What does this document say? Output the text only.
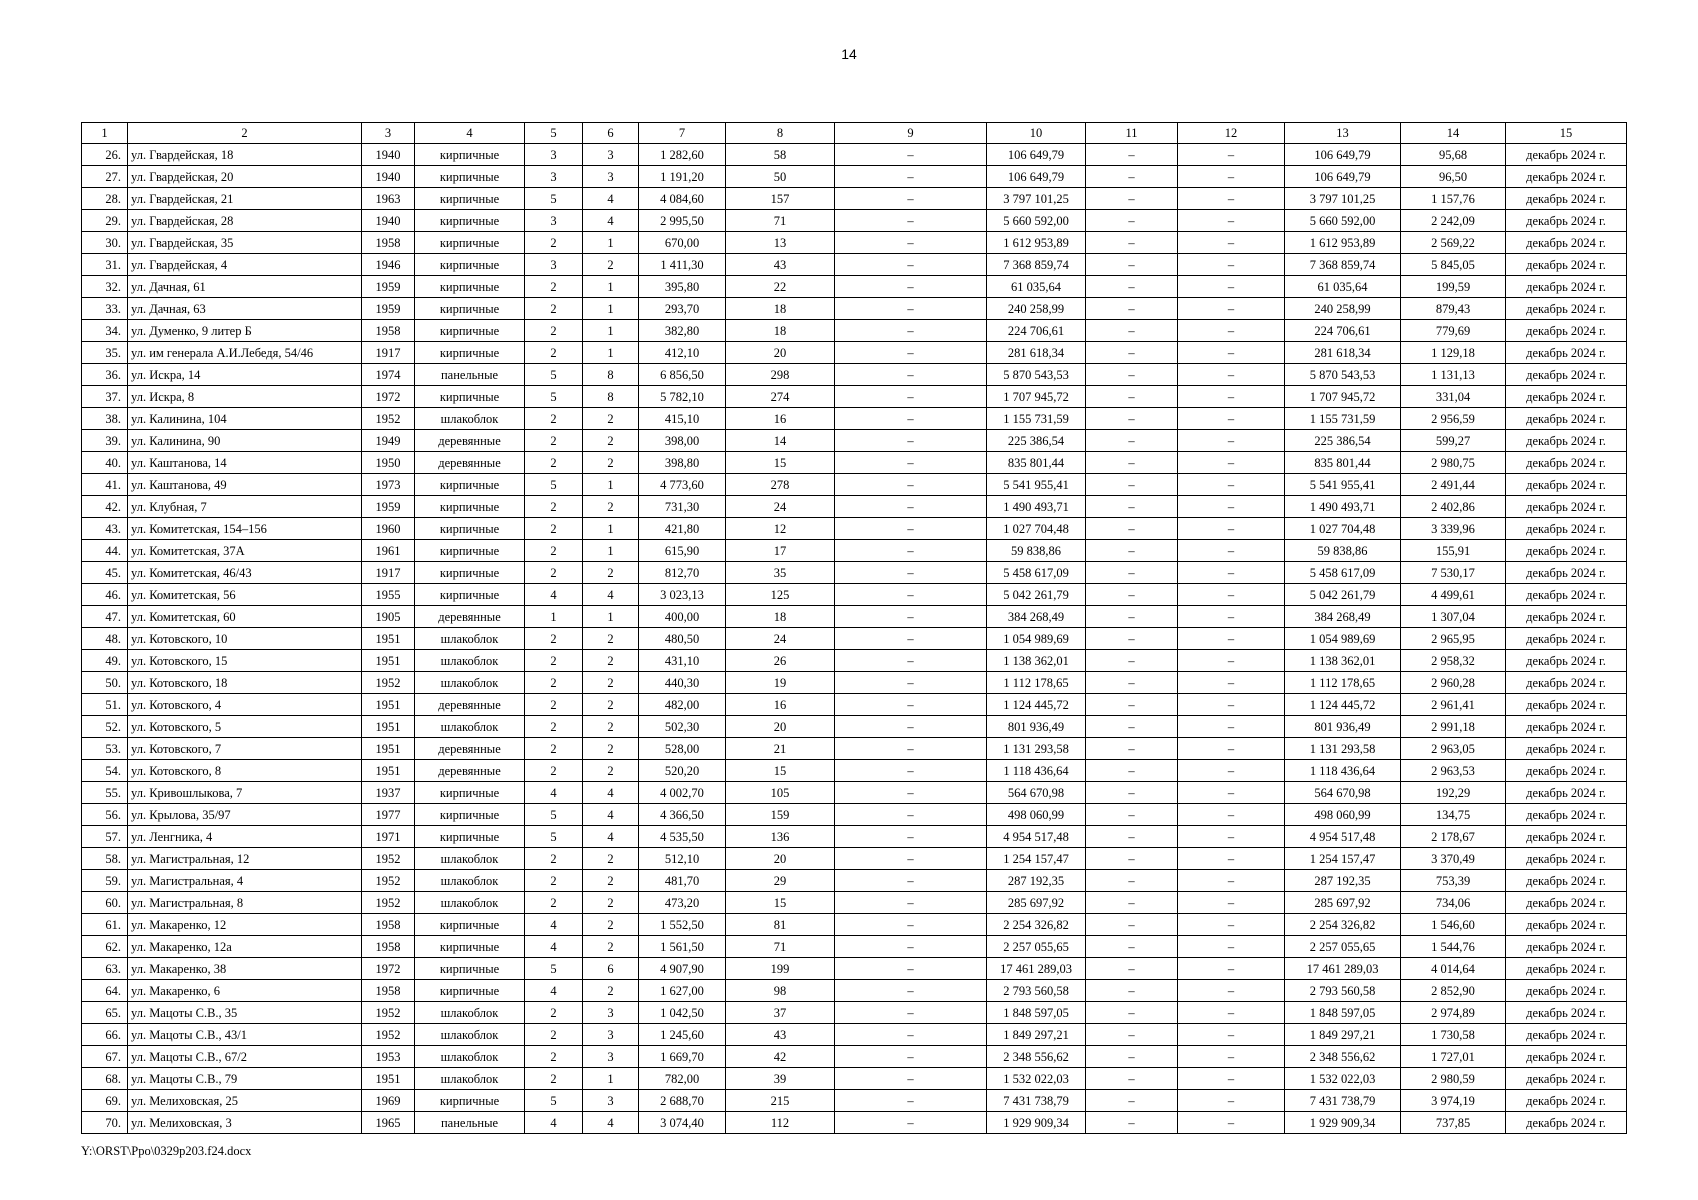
14
1	2	3	4	5	6	7	8	9	10	11	12	13	14	15
26.	ул. Гвардейская, 18	1940	кирпичные	3	3	1 282,60	58	–	106 649,79	–	–	106 649,79	95,68	декабрь 2024 г.
27.	ул. Гвардейская, 20	1940	кирпичные	3	3	1 191,20	50	–	106 649,79	–	–	106 649,79	96,50	декабрь 2024 г.
28.	ул. Гвардейская, 21	1963	кирпичные	5	4	4 084,60	157	–	3 797 101,25	–	–	3 797 101,25	1 157,76	декабрь 2024 г.
29.	ул. Гвардейская, 28	1940	кирпичные	3	4	2 995,50	71	–	5 660 592,00	–	–	5 660 592,00	2 242,09	декабрь 2024 г.
30.	ул. Гвардейская, 35	1958	кирпичные	2	1	670,00	13	–	1 612 953,89	–	–	1 612 953,89	2 569,22	декабрь 2024 г.
31.	ул. Гвардейская, 4	1946	кирпичные	3	2	1 411,30	43	–	7 368 859,74	–	–	7 368 859,74	5 845,05	декабрь 2024 г.
32.	ул. Дачная, 61	1959	кирпичные	2	1	395,80	22	–	61 035,64	–	–	61 035,64	199,59	декабрь 2024 г.
33.	ул. Дачная, 63	1959	кирпичные	2	1	293,70	18	–	240 258,99	–	–	240 258,99	879,43	декабрь 2024 г.
34.	ул. Думенко, 9 литер Б	1958	кирпичные	2	1	382,80	18	–	224 706,61	–	–	224 706,61	779,69	декабрь 2024 г.
35.	ул. им генерала А.И.Лебедя, 54/46	1917	кирпичные	2	1	412,10	20	–	281 618,34	–	–	281 618,34	1 129,18	декабрь 2024 г.
36.	ул. Искра, 14	1974	панельные	5	8	6 856,50	298	–	5 870 543,53	–	–	5 870 543,53	1 131,13	декабрь 2024 г.
37.	ул. Искра, 8	1972	кирпичные	5	8	5 782,10	274	–	1 707 945,72	–	–	1 707 945,72	331,04	декабрь 2024 г.
38.	ул. Калинина, 104	1952	шлакоблок	2	2	415,10	16	–	1 155 731,59	–	–	1 155 731,59	2 956,59	декабрь 2024 г.
39.	ул. Калинина, 90	1949	деревянные	2	2	398,00	14	–	225 386,54	–	–	225 386,54	599,27	декабрь 2024 г.
40.	ул. Каштанова, 14	1950	деревянные	2	2	398,80	15	–	835 801,44	–	–	835 801,44	2 980,75	декабрь 2024 г.
41.	ул. Каштанова, 49	1973	кирпичные	5	1	4 773,60	278	–	5 541 955,41	–	–	5 541 955,41	2 491,44	декабрь 2024 г.
42.	ул. Клубная, 7	1959	кирпичные	2	2	731,30	24	–	1 490 493,71	–	–	1 490 493,71	2 402,86	декабрь 2024 г.
43.	ул. Комитетская, 154–156	1960	кирпичные	2	1	421,80	12	–	1 027 704,48	–	–	1 027 704,48	3 339,96	декабрь 2024 г.
44.	ул. Комитетская, 37А	1961	кирпичные	2	1	615,90	17	–	59 838,86	–	–	59 838,86	155,91	декабрь 2024 г.
45.	ул. Комитетская, 46/43	1917	кирпичные	2	2	812,70	35	–	5 458 617,09	–	–	5 458 617,09	7 530,17	декабрь 2024 г.
46.	ул. Комитетская, 56	1955	кирпичные	4	4	3 023,13	125	–	5 042 261,79	–	–	5 042 261,79	4 499,61	декабрь 2024 г.
47.	ул. Комитетская, 60	1905	деревянные	1	1	400,00	18	–	384 268,49	–	–	384 268,49	1 307,04	декабрь 2024 г.
48.	ул. Котовского, 10	1951	шлакоблок	2	2	480,50	24	–	1 054 989,69	–	–	1 054 989,69	2 965,95	декабрь 2024 г.
49.	ул. Котовского, 15	1951	шлакоблок	2	2	431,10	26	–	1 138 362,01	–	–	1 138 362,01	2 958,32	декабрь 2024 г.
50.	ул. Котовского, 18	1952	шлакоблок	2	2	440,30	19	–	1 112 178,65	–	–	1 112 178,65	2 960,28	декабрь 2024 г.
51.	ул. Котовского, 4	1951	деревянные	2	2	482,00	16	–	1 124 445,72	–	–	1 124 445,72	2 961,41	декабрь 2024 г.
52.	ул. Котовского, 5	1951	шлакоблок	2	2	502,30	20	–	801 936,49	–	–	801 936,49	2 991,18	декабрь 2024 г.
53.	ул. Котовского, 7	1951	деревянные	2	2	528,00	21	–	1 131 293,58	–	–	1 131 293,58	2 963,05	декабрь 2024 г.
54.	ул. Котовского, 8	1951	деревянные	2	2	520,20	15	–	1 118 436,64	–	–	1 118 436,64	2 963,53	декабрь 2024 г.
55.	ул. Кривошлыкова, 7	1937	кирпичные	4	4	4 002,70	105	–	564 670,98	–	–	564 670,98	192,29	декабрь 2024 г.
56.	ул. Крылова, 35/97	1977	кирпичные	5	4	4 366,50	159	–	498 060,99	–	–	498 060,99	134,75	декабрь 2024 г.
57.	ул. Ленгника, 4	1971	кирпичные	5	4	4 535,50	136	–	4 954 517,48	–	–	4 954 517,48	2 178,67	декабрь 2024 г.
58.	ул. Магистральная, 12	1952	шлакоблок	2	2	512,10	20	–	1 254 157,47	–	–	1 254 157,47	3 370,49	декабрь 2024 г.
59.	ул. Магистральная, 4	1952	шлакоблок	2	2	481,70	29	–	287 192,35	–	–	287 192,35	753,39	декабрь 2024 г.
60.	ул. Магистральная, 8	1952	шлакоблок	2	2	473,20	15	–	285 697,92	–	–	285 697,92	734,06	декабрь 2024 г.
61.	ул. Макаренко, 12	1958	кирпичные	4	2	1 552,50	81	–	2 254 326,82	–	–	2 254 326,82	1 546,60	декабрь 2024 г.
62.	ул. Макаренко, 12а	1958	кирпичные	4	2	1 561,50	71	–	2 257 055,65	–	–	2 257 055,65	1 544,76	декабрь 2024 г.
63.	ул. Макаренко, 38	1972	кирпичные	5	6	4 907,90	199	–	17 461 289,03	–	–	17 461 289,03	4 014,64	декабрь 2024 г.
64.	ул. Макаренко, 6	1958	кирпичные	4	2	1 627,00	98	–	2 793 560,58	–	–	2 793 560,58	2 852,90	декабрь 2024 г.
65.	ул. Мацоты С.В., 35	1952	шлакоблок	2	3	1 042,50	37	–	1 848 597,05	–	–	1 848 597,05	2 974,89	декабрь 2024 г.
66.	ул. Мацоты С.В., 43/1	1952	шлакоблок	2	3	1 245,60	43	–	1 849 297,21	–	–	1 849 297,21	1 730,58	декабрь 2024 г.
67.	ул. Мацоты С.В., 67/2	1953	шлакоблок	2	3	1 669,70	42	–	2 348 556,62	–	–	2 348 556,62	1 727,01	декабрь 2024 г.
68.	ул. Мацоты С.В., 79	1951	шлакоблок	2	1	782,00	39	–	1 532 022,03	–	–	1 532 022,03	2 980,59	декабрь 2024 г.
69.	ул. Мелиховская, 25	1969	кирпичные	5	3	2 688,70	215	–	7 431 738,79	–	–	7 431 738,79	3 974,19	декабрь 2024 г.
70.	ул. Мелиховская, 3	1965	панельные	4	4	3 074,40	112	–	1 929 909,34	–	–	1 929 909,34	737,85	декабрь 2024 г.
Y:\ORST\Ppo\0329p203.f24.docx
